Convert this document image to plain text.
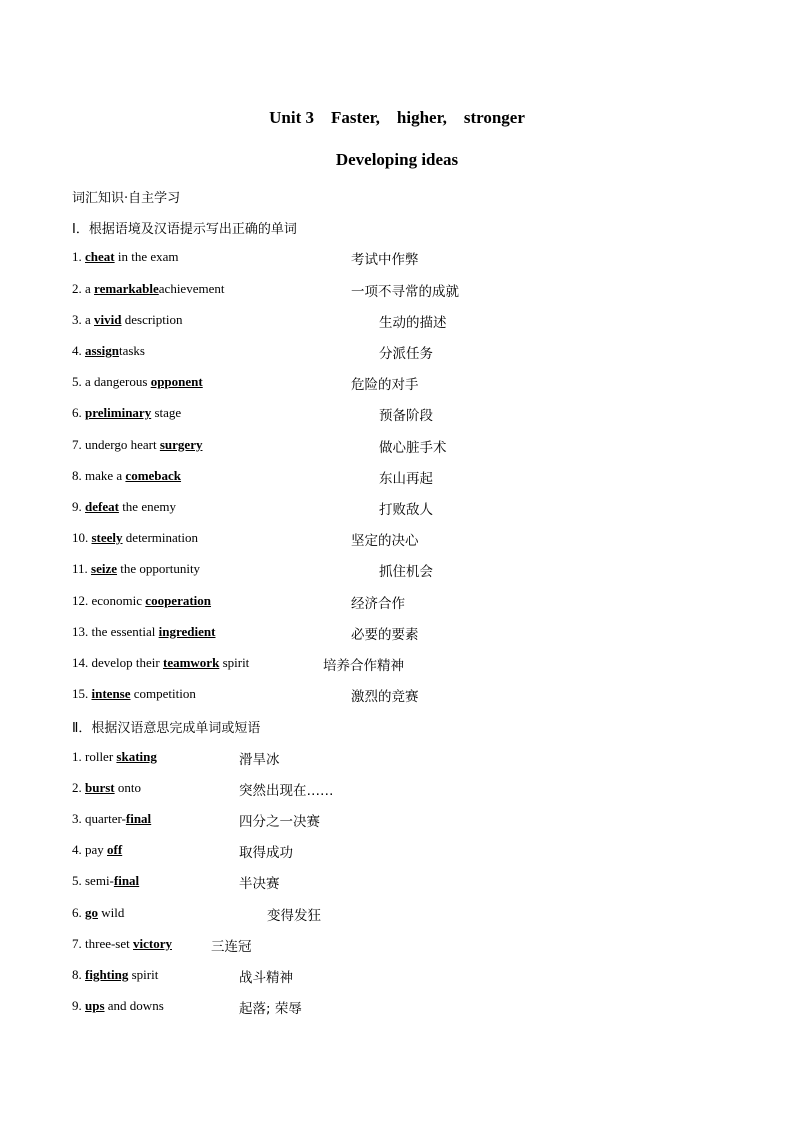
Unit 3    Faster,    higher,    stronger
Developing ideas
词汇知识·自主学习
Ⅰ．根据语境及汉语提示写出正确的单词
1. cheat in the exam	考试中作弊
2. a remarkableachievement	一项不寻常的成就
3. a vivid description	生动的描述
4. assigntasks	分派任务
5. a dangerous opponent	危险的对手
6. preliminary stage	预备阶段
7. undergo heart surgery	做心脏手术
8. make a comeback	东山再起
9. defeat the enemy	打败敌人
10. steely determination	坚定的决心
11. seize the opportunity	抓住机会
12. economic cooperation	经济合作
13. the essential ingredient	必要的要素
14. develop their teamwork spirit	培养合作精神
15. intense competition	激烈的竞赛
Ⅱ．根据汉语意思完成单词或短语
1. roller skating	滑旱冰
2. burst onto	突然出现在……
3. quarter-final	四分之一决赛
4. pay off	取得成功
5. semi-final	半决赛
6. go wild	变得发狂
7. three-set victory	三连冠
8. fighting spirit	战斗精神
9. ups and downs	起落; 荣辱
